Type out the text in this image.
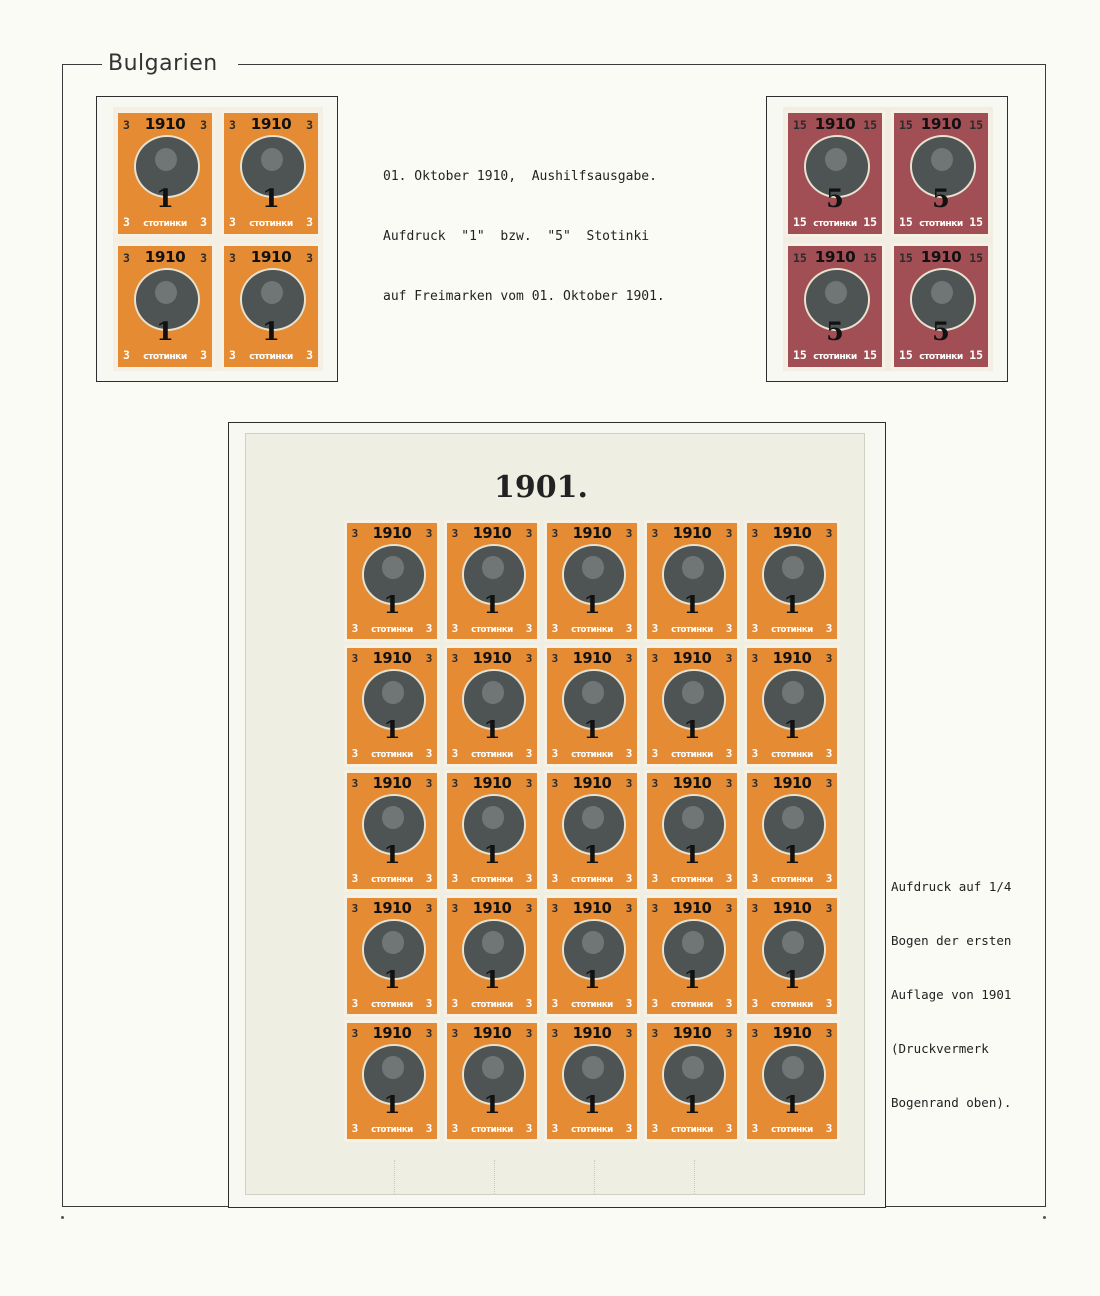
Bulgarien
3	3
3	3
стотинки
1910
1
3	3
3	3
стотинки
1910
1
3	3
3	3
стотинки
1910
1
3	3
3	3
стотинки
1910
1
15	15
15	15
стотинки
1910
5
15	15
15	15
стотинки
1910
5
15	15
15	15
стотинки
1910
5
15	15
15	15
стотинки
1910
5

01. Oktober 1910,  Aushilfsausgabe.

Aufdruck  "1"  bzw.  "5"  Stotinki

auf Freimarken vom 01. Oktober 1901.

1901.
3	3
3	3
стотинки
1910
1
3	3
3	3
стотинки
1910
1
3	3
3	3
стотинки
1910
1
3	3
3	3
стотинки
1910
1
3	3
3	3
стотинки
1910
1
3	3
3	3
стотинки
1910
1
3	3
3	3
стотинки
1910
1
3	3
3	3
стотинки
1910
1
3	3
3	3
стотинки
1910
1
3	3
3	3
стотинки
1910
1
3	3
3	3
стотинки
1910
1
3	3
3	3
стотинки
1910
1
3	3
3	3
стотинки
1910
1
3	3
3	3
стотинки
1910
1
3	3
3	3
стотинки
1910
1
3	3
3	3
стотинки
1910
1
3	3
3	3
стотинки
1910
1
3	3
3	3
стотинки
1910
1
3	3
3	3
стотинки
1910
1
3	3
3	3
стотинки
1910
1
3	3
3	3
стотинки
1910
1
3	3
3	3
стотинки
1910
1
3	3
3	3
стотинки
1910
1
3	3
3	3
стотинки
1910
1
3	3
3	3
стотинки
1910
1

Aufdruck auf 1/4

Bogen der ersten

Auflage von 1901

(Druckvermerk

Bogenrand oben).
